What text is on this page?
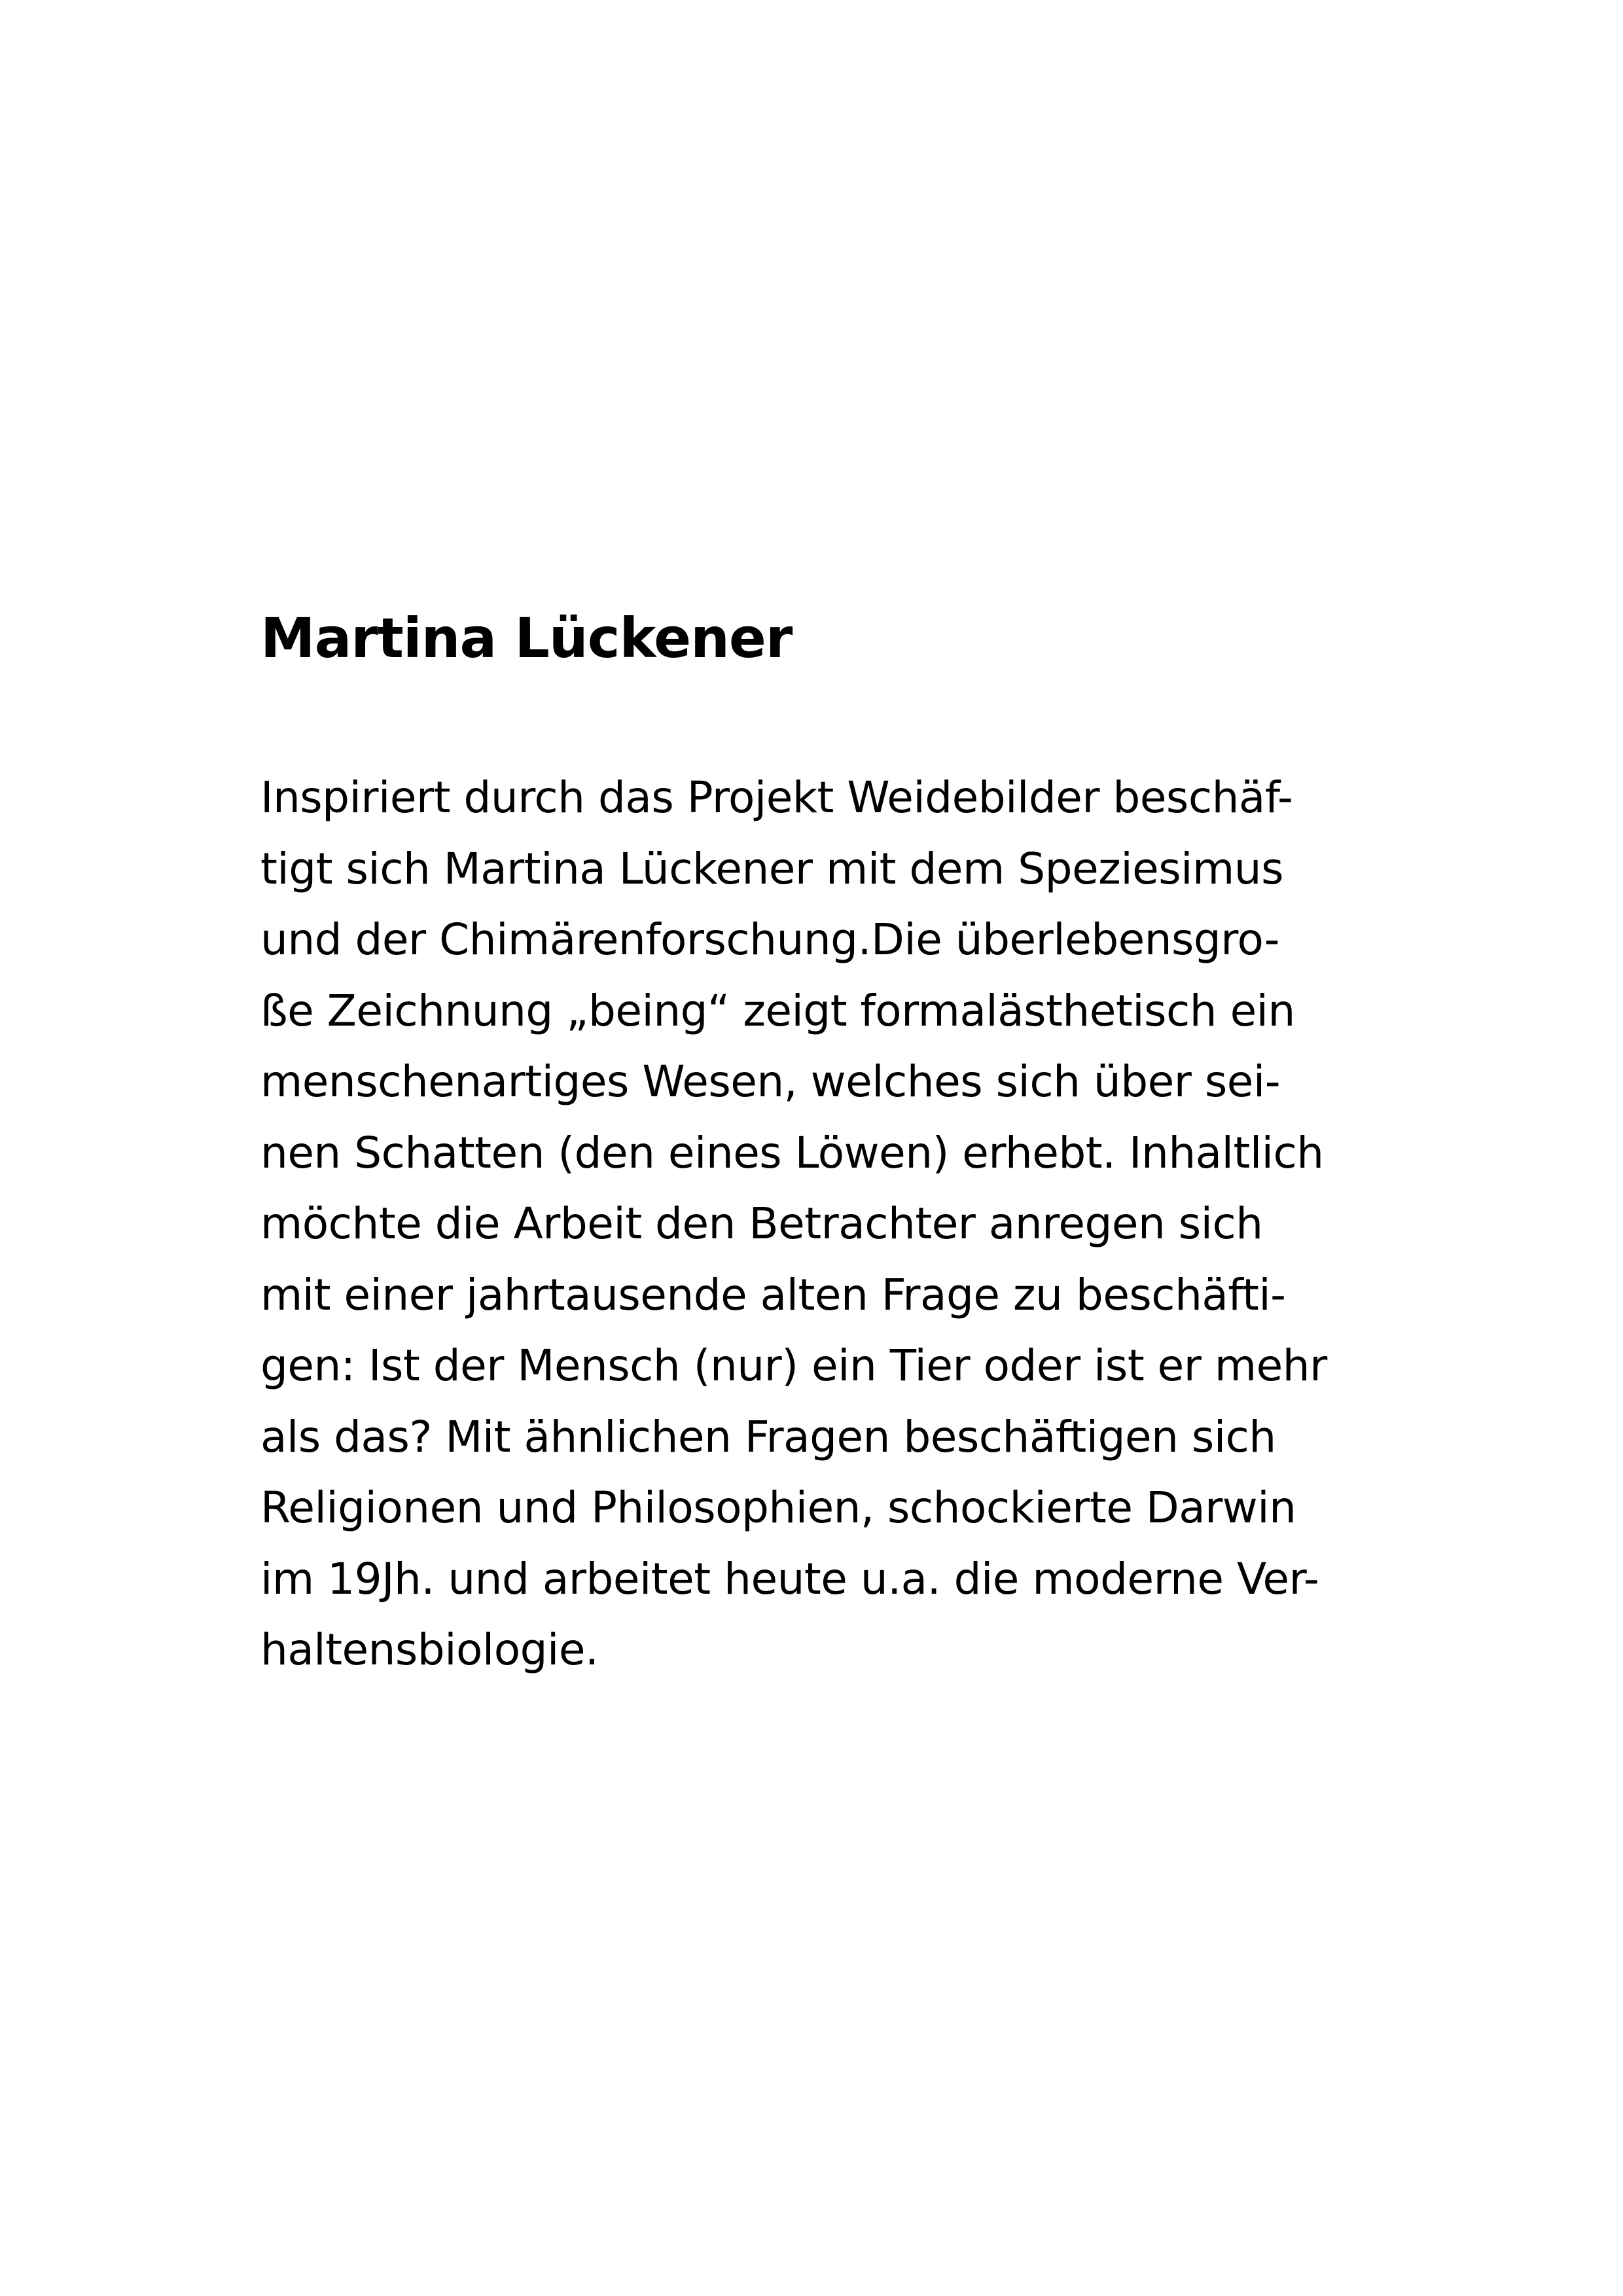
Martina Lückener

Inspiriert durch das Projekt Weidebilder beschäf-
tigt sich Martina Lückener mit dem Speziesimus
und der Chimärenforschung.Die überlebensgro-
ße Zeichnung „being“ zeigt formalästhetisch ein
menschenartiges Wesen, welches sich über sei-
nen Schatten (den eines Löwen) erhebt. Inhaltlich
möchte die Arbeit den Betrachter anregen sich
mit einer jahrtausende alten Frage zu beschäfti-
gen: Ist der Mensch (nur) ein Tier oder ist er mehr
als das? Mit ähnlichen Fragen beschäftigen sich
Religionen und Philosophien, schockierte Darwin
im 19Jh. und arbeitet heute u.a. die moderne Ver-
haltensbiologie.
